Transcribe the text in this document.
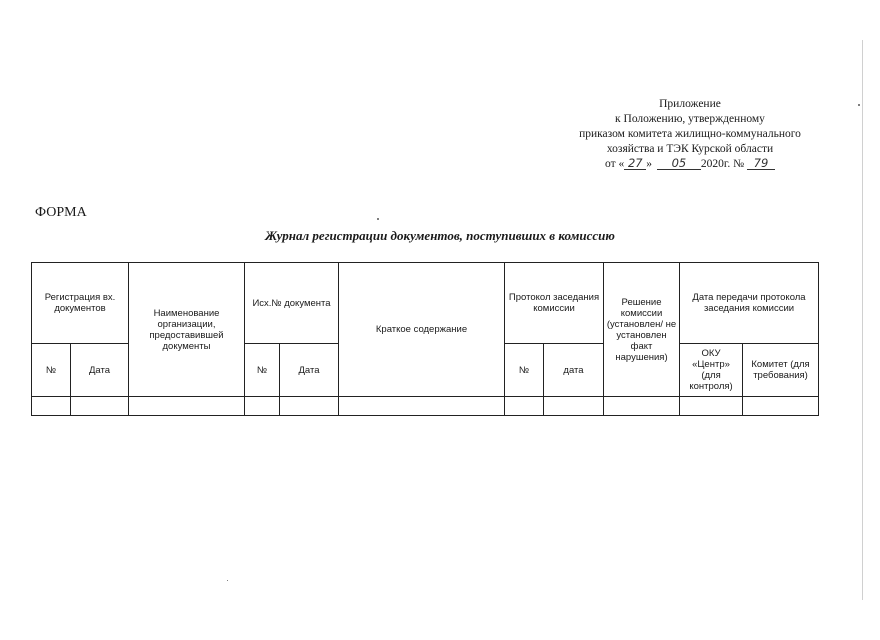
Приложение
к Положению, утвержденному
приказом комитета жилищно-коммунального
хозяйства и ТЭК Курской области
от « 27 » 05 2020г. № 79
ФОРМА
Журнал регистрации документов, поступивших в комиссию
Регистрация вх. документов		Наименование организации, предоставившей документы	Исх.№ документа		Краткое содержание	Протокол заседания комиссии		Решение комиссии (установлен/ не установлен факт нарушения)	Дата передачи протокола заседания комиссии	
№	Дата		№	Дата		№	дата		ОКУ «Центр» (для контроля)	Комитет (для требования)
